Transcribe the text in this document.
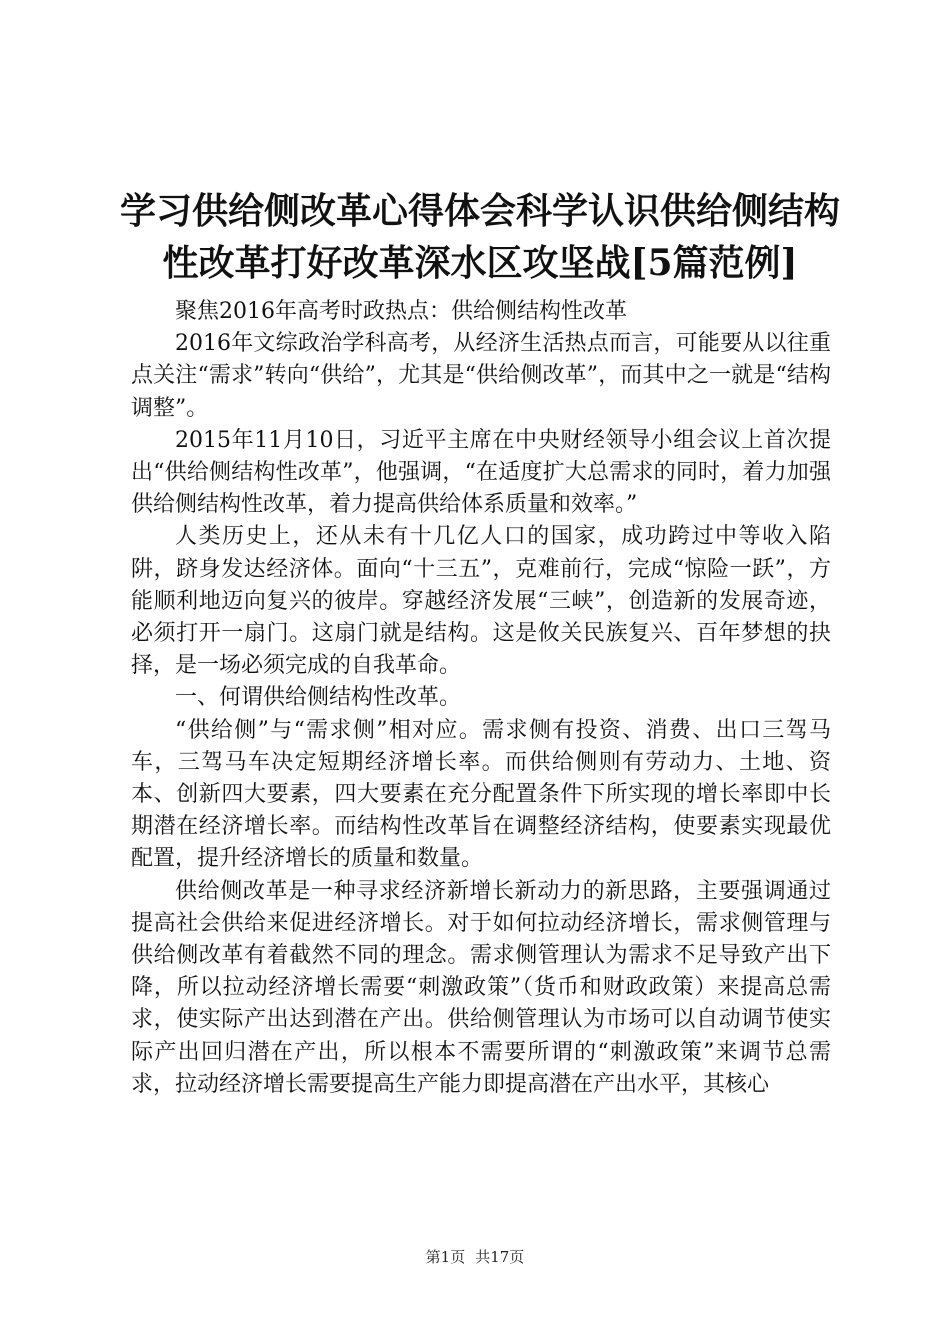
学习供给侧改革心得体会科学认识供给侧结构
性改革打好改革深水区攻坚战[5篇范例]

聚焦2016年高考时政热点：供给侧结构性改革

2016年文综政治学科高考，从经济生活热点而言，可能要从以往重点关注“需求”转向“供给”，尤其是“供给侧改革”，而其中之一就是“结构调整”。

2015年11月10日，习近平主席在中央财经领导小组会议上首次提出“供给侧结构性改革”，他强调，“在适度扩大总需求的同时，着力加强供给侧结构性改革，着力提高供给体系质量和效率。”

人类历史上，还从未有十几亿人口的国家，成功跨过中等收入陷阱，跻身发达经济体。面向“十三五”，克难前行，完成“惊险一跃”，方能顺利地迈向复兴的彼岸。穿越经济发展“三峡”，创造新的发展奇迹，必须打开一扇门。这扇门就是结构。这是攸关民族复兴、百年梦想的抉择，是一场必须完成的自我革命。

一、何谓供给侧结构性改革。

“供给侧”与“需求侧”相对应。需求侧有投资、消费、出口三驾马车，三驾马车决定短期经济增长率。而供给侧则有劳动力、土地、资本、创新四大要素，四大要素在充分配置条件下所实现的增长率即中长期潜在经济增长率。而结构性改革旨在调整经济结构，使要素实现最优配置，提升经济增长的质量和数量。

供给侧改革是一种寻求经济新增长新动力的新思路，主要强调通过提高社会供给来促进经济增长。对于如何拉动经济增长，需求侧管理与供给侧改革有着截然不同的理念。需求侧管理认为需求不足导致产出下降，所以拉动经济增长需要“刺激政策”（货币和财政政策）来提高总需求，使实际产出达到潜在产出。供给侧管理认为市场可以自动调节使实际产出回归潜在产出，所以根本不需要所谓的“刺激政策”来调节总需求，拉动经济增长需要提高生产能力即提高潜在产出水平，其核心

第1页 共17页
